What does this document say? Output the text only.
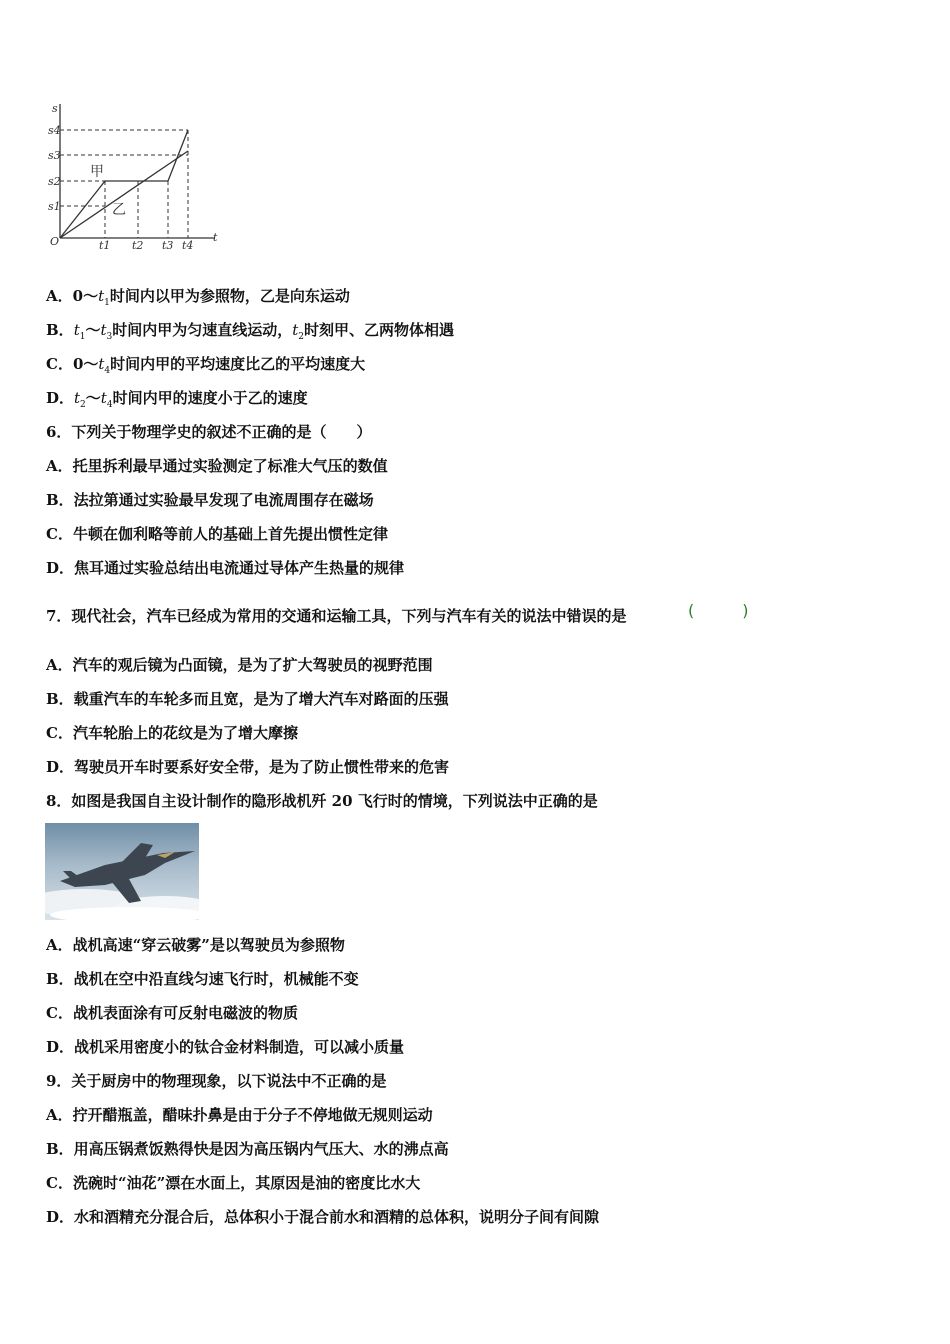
s
t
O
s1
s2
s3
s4
t1 t2 t3 t4
甲
乙
A．$0\sim t_1$时间内以甲为参照物，乙是向东运动
B．$t_1\sim t_3$时间内甲为匀速直线运动，$t_2$时刻甲、乙两物体相遇
C．$0\sim t_4$时间内甲的平均速度比乙的平均速度大
D．$t_2\sim t_4$时间内甲的速度小于乙的速度
6．下列关于物理学史的叙述不正确的是（　　）
A．托里拆利最早通过实验测定了标准大气压的数值
B．法拉第通过实验最早发现了电流周围存在磁场
C．牛顿在伽利略等前人的基础上首先提出惯性定律
D．焦耳通过实验总结出电流通过导体产生热量的规律
7．现代社会，汽车已经成为常用的交通和运输工具，下列与汽车有关的说法中错误的是	(　　　)
A．汽车的观后镜为凸面镜，是为了扩大驾驶员的视野范围
B．载重汽车的车轮多而且宽，是为了增大汽车对路面的压强
C．汽车轮胎上的花纹是为了增大摩擦
D．驾驶员开车时要系好安全带，是为了防止惯性带来的危害
8．如图是我国自主设计制作的隐形战机歼 20 飞行时的情境，下列说法中正确的是
A．战机高速“穿云破雾”是以驾驶员为参照物
B．战机在空中沿直线匀速飞行时，机械能不变
C．战机表面涂有可反射电磁波的物质
D．战机采用密度小的钛合金材料制造，可以减小质量
9．关于厨房中的物理现象，以下说法中不正确的是
A．拧开醋瓶盖，醋味扑鼻是由于分子不停地做无规则运动
B．用高压锅煮饭熟得快是因为高压锅内气压大、水的沸点高
C．洗碗时“油花”漂在水面上，其原因是油的密度比水大
D．水和酒精充分混合后，总体积小于混合前水和酒精的总体积，说明分子间有间隙
